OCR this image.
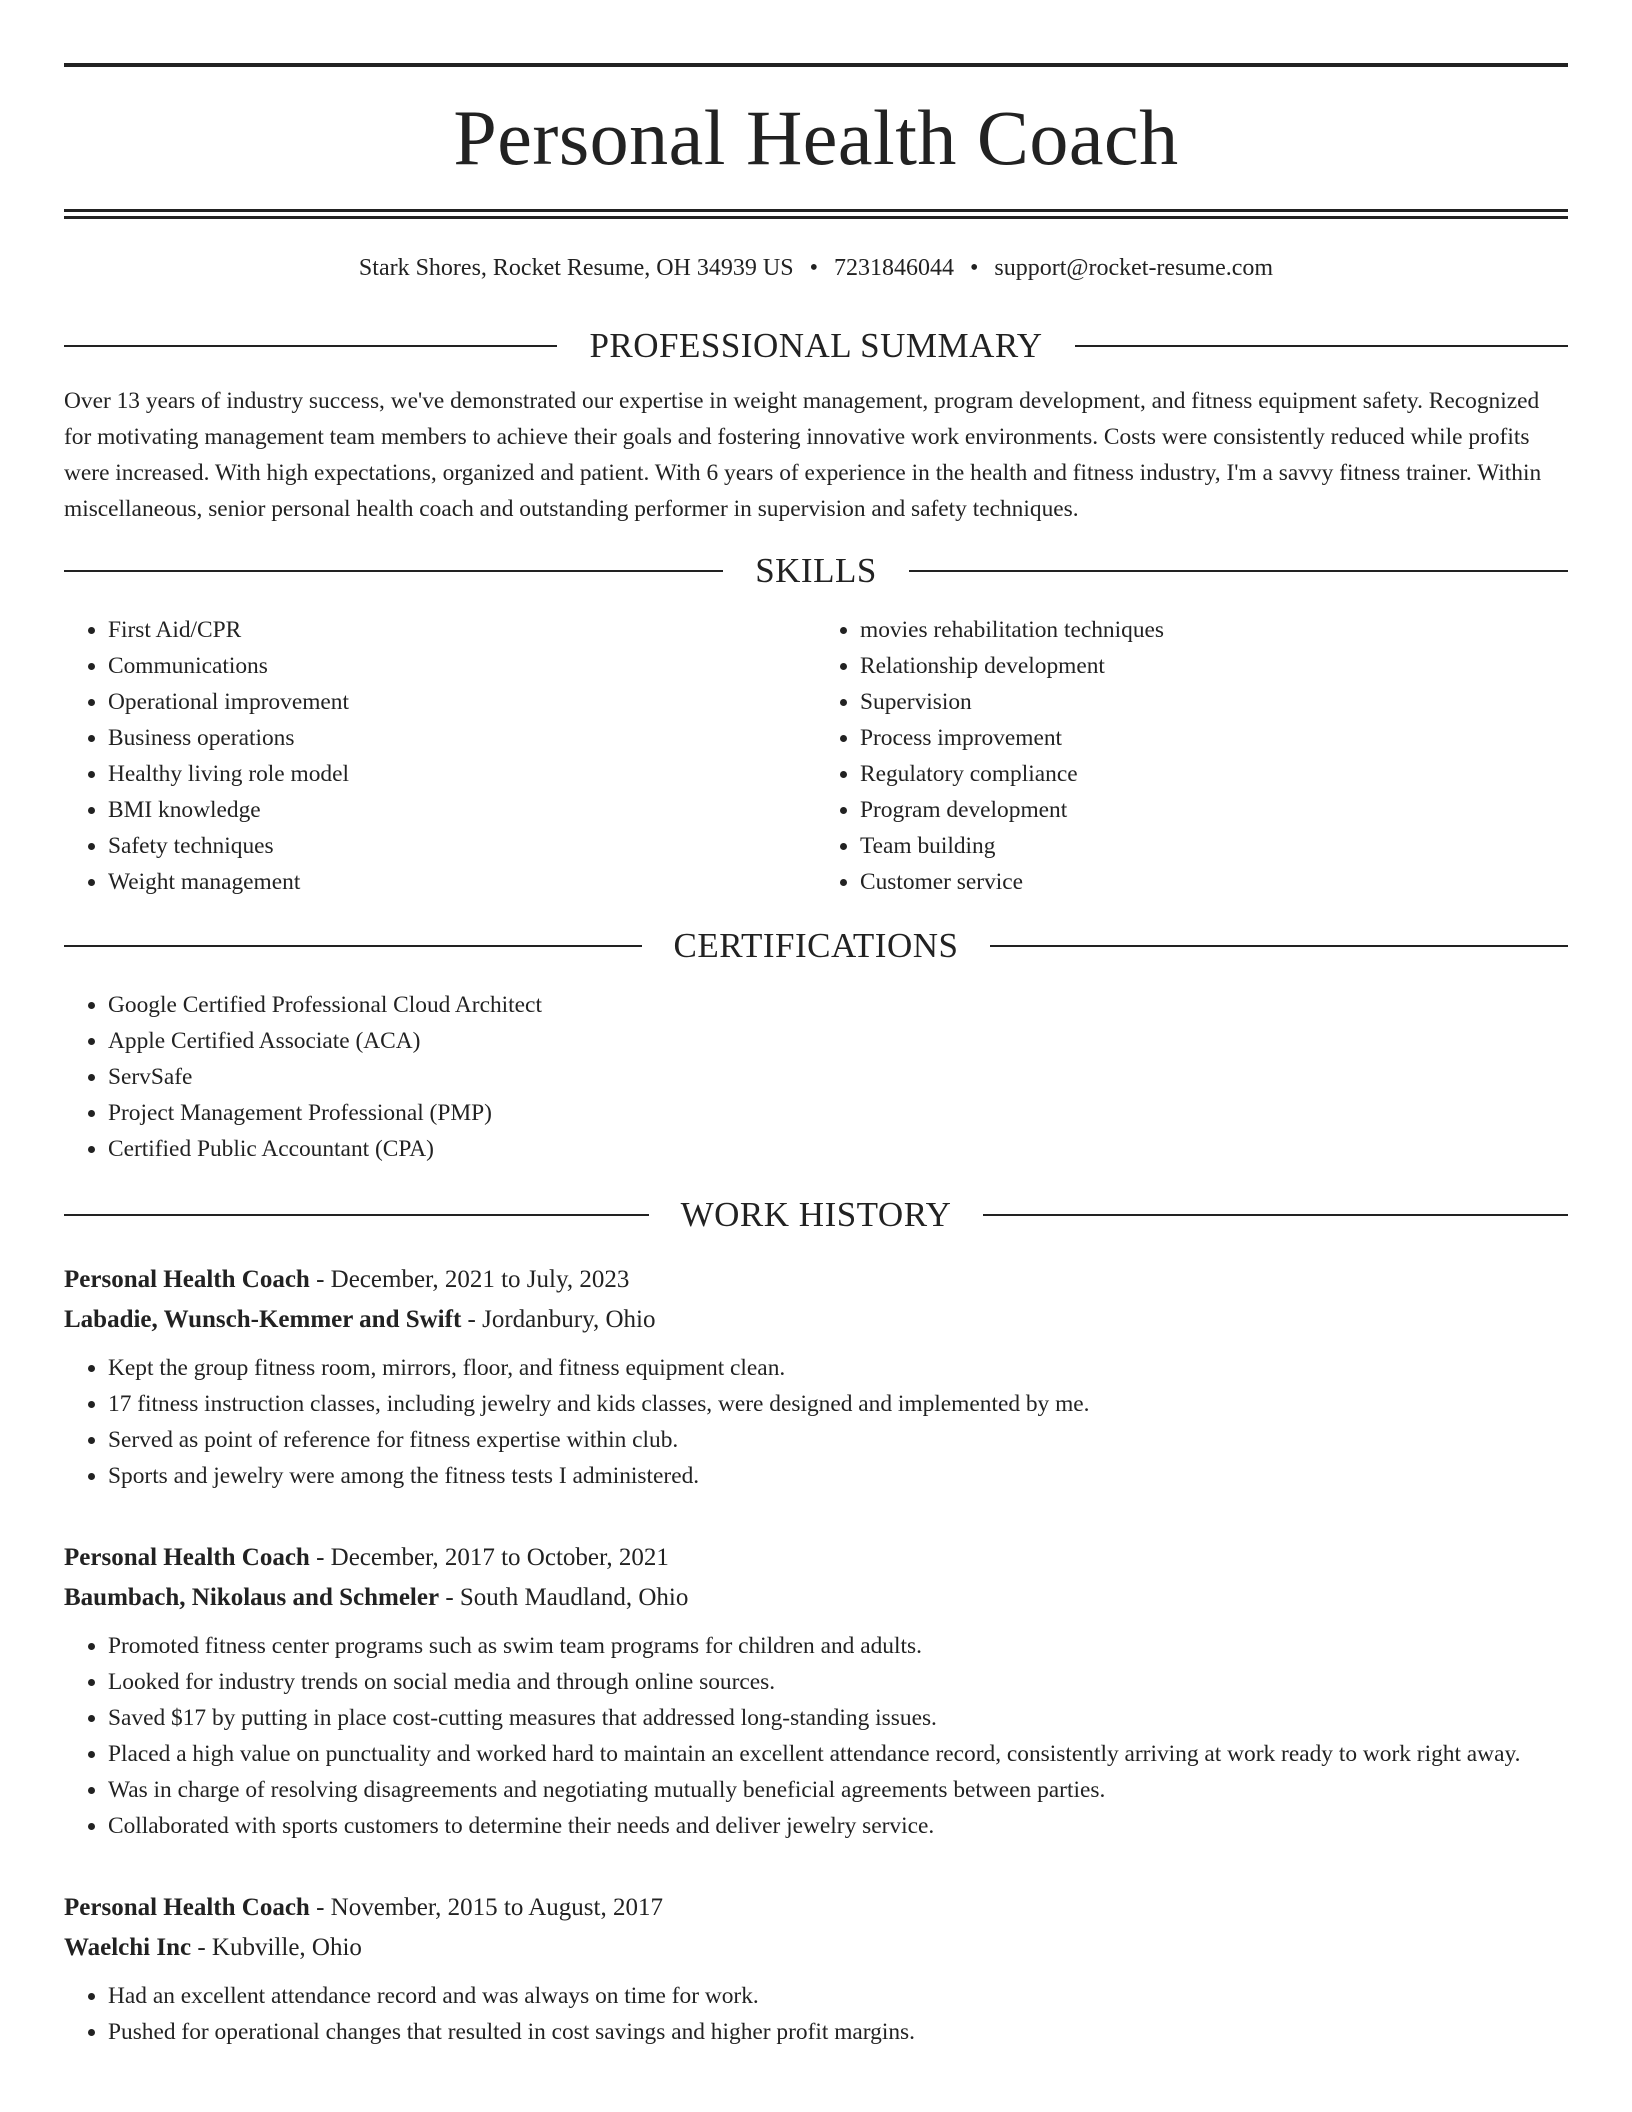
Personal Health Coach
Stark Shores, Rocket Resume, OH 34939 US • 7231846044 • support@rocket-resume.com
PROFESSIONAL SUMMARY

Over 13 years of industry success, we've demonstrated our expertise in weight management, program development, and fitness equipment safety. Recognized for motivating management team members to achieve their goals and fostering innovative work environments. Costs were consistently reduced while profits were increased. With high expectations, organized and patient. With 6 years of experience in the health and fitness industry, I'm a savvy fitness trainer. Within miscellaneous, senior personal health coach and outstanding performer in supervision and safety techniques.

SKILLS
• First Aid/CPR
• Communications
• Operational improvement
• Business operations
• Healthy living role model
• BMI knowledge
• Safety techniques
• Weight management
• movies rehabilitation techniques
• Relationship development
• Supervision
• Process improvement
• Regulatory compliance
• Program development
• Team building
• Customer service
CERTIFICATIONS
• Google Certified Professional Cloud Architect
• Apple Certified Associate (ACA)
• ServSafe
• Project Management Professional (PMP)
• Certified Public Accountant (CPA)
WORK HISTORY
Personal Health Coach - December, 2021 to July, 2023
Labadie, Wunsch-Kemmer and Swift - Jordanbury, Ohio
• Kept the group fitness room, mirrors, floor, and fitness equipment clean.
• 17 fitness instruction classes, including jewelry and kids classes, were designed and implemented by me.
• Served as point of reference for fitness expertise within club.
• Sports and jewelry were among the fitness tests I administered.
Personal Health Coach - December, 2017 to October, 2021
Baumbach, Nikolaus and Schmeler - South Maudland, Ohio
• Promoted fitness center programs such as swim team programs for children and adults.
• Looked for industry trends on social media and through online sources.
• Saved $17 by putting in place cost-cutting measures that addressed long-standing issues.
• Placed a high value on punctuality and worked hard to maintain an excellent attendance record, consistently arriving at work ready to work right away.
• Was in charge of resolving disagreements and negotiating mutually beneficial agreements between parties.
• Collaborated with sports customers to determine their needs and deliver jewelry service.
Personal Health Coach - November, 2015 to August, 2017
Waelchi Inc - Kubville, Ohio
• Had an excellent attendance record and was always on time for work.
• Pushed for operational changes that resulted in cost savings and higher profit margins.
